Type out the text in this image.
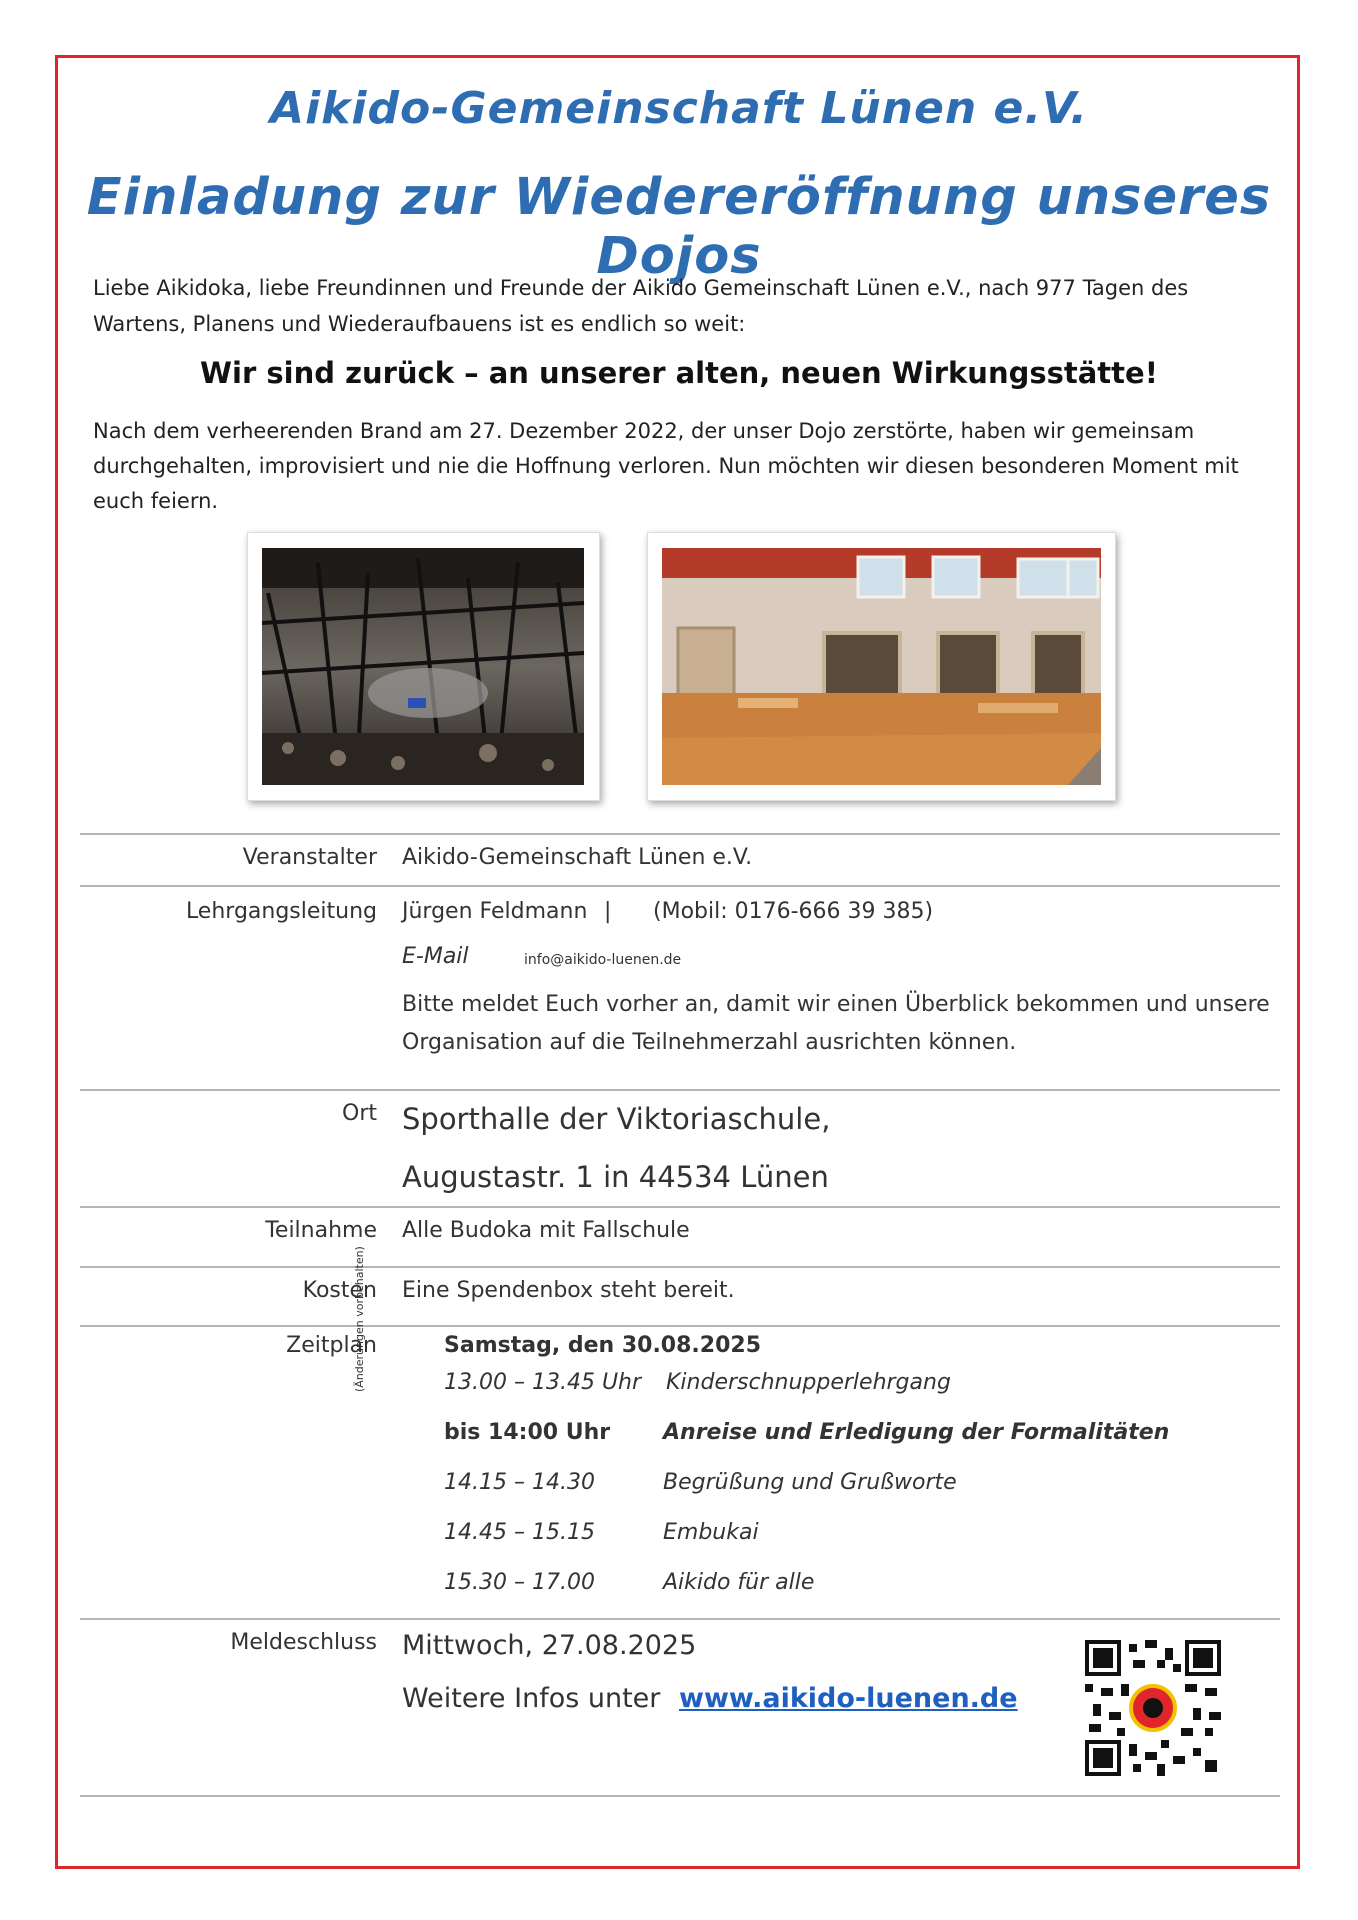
Aikido-Gemeinschaft Lünen e.V.
Einladung zur Wiedereröffnung unseres Dojos
Liebe Aikidoka, liebe Freundinnen und Freunde der Aikido Gemeinschaft Lünen e.V., nach 977 Tagen des Wartens, Planens und Wiederaufbauens ist es endlich so weit:
Wir sind zurück – an unserer alten, neuen Wirkungsstätte!
Nach dem verheerenden Brand am 27. Dezember 2022, der unser Dojo zerstörte, haben wir gemeinsam durchgehalten, improvisiert und nie die Hoffnung verloren. Nun möchten wir diesen besonderen Moment mit euch feiern.
Veranstalter Aikido-Gemeinschaft Lünen e.V.
Lehrgangsleitung Jürgen Feldmann | (Mobil: 0176-666 39 385)
E-Mail	info@aikido-luenen.de
Bitte meldet Euch vorher an, damit wir einen Überblick bekommen und unsere Organisation auf die Teilnehmerzahl ausrichten können.
Ort Sporthalle der Viktoriaschule,
Augustastr. 1 in 44534 Lünen
Teilnahme Alle Budoka mit Fallschule
Kosten Eine Spendenbox steht bereit.
Zeitplan
(Änderungen vorbehalten)	Samstag, den 30.08.2025
13.00 – 13.45 Uhr Kinderschnupperlehrgang
bis 14:00 Uhr Anreise und Erledigung der Formalitäten
14.15 – 14.30	Begrüßung und Grußworte
14.45 – 15.15	Embukai
15.30 – 17.00	Aikido für alle
Meldeschluss Mittwoch, 27.08.2025
Weitere Infos unter www.aikido-luenen.de
